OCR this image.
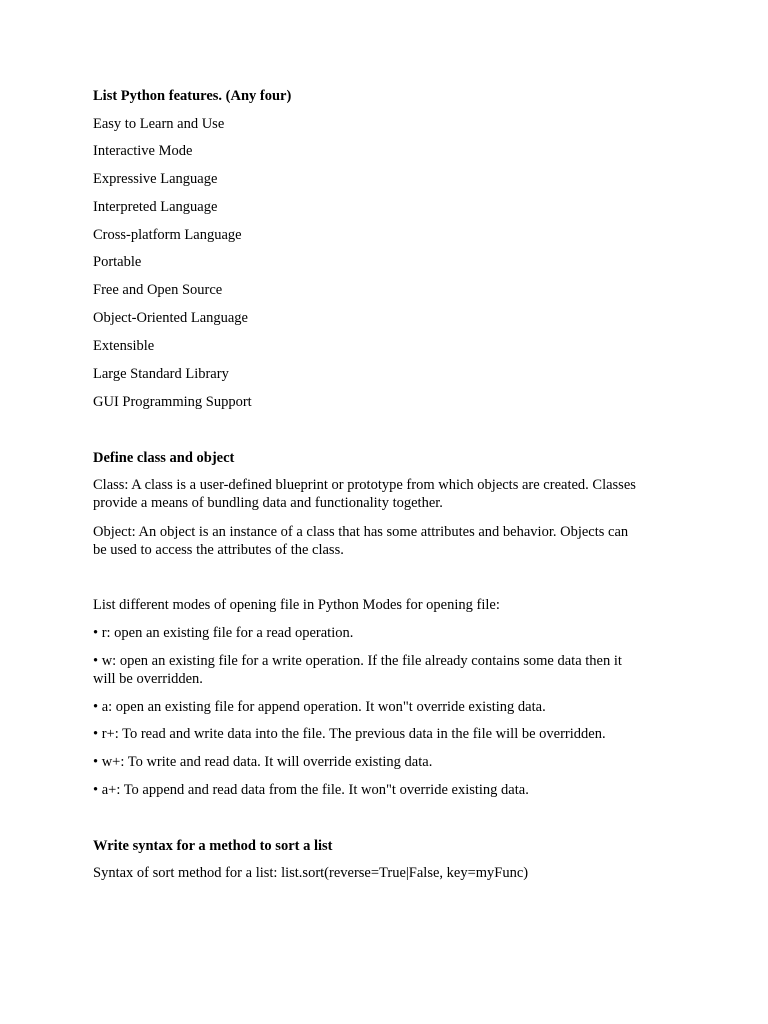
List Python features. (Any four)

Easy to Learn and Use

Interactive Mode

Expressive Language

Interpreted Language

Cross-platform Language

Portable

Free and Open Source

Object-Oriented Language

Extensible

Large Standard Library

GUI Programming Support

Define class and object

Class: A class is a user-defined blueprint or prototype from which objects are created. Classes

provide a means of bundling data and functionality together.

Object: An object is an instance of a class that has some attributes and behavior. Objects can

be used to access the attributes of the class.

List different modes of opening file in Python Modes for opening file:

• r: open an existing file for a read operation.

• w: open an existing file for a write operation. If the file already contains some data then it

will be overridden.

• a: open an existing file for append operation. It won"t override existing data.

• r+: To read and write data into the file. The previous data in the file will be overridden.

• w+: To write and read data. It will override existing data.

• a+: To append and read data from the file. It won"t override existing data.

Write syntax for a method to sort a list

Syntax of sort method for a list: list.sort(reverse=True|False, key=myFunc)
